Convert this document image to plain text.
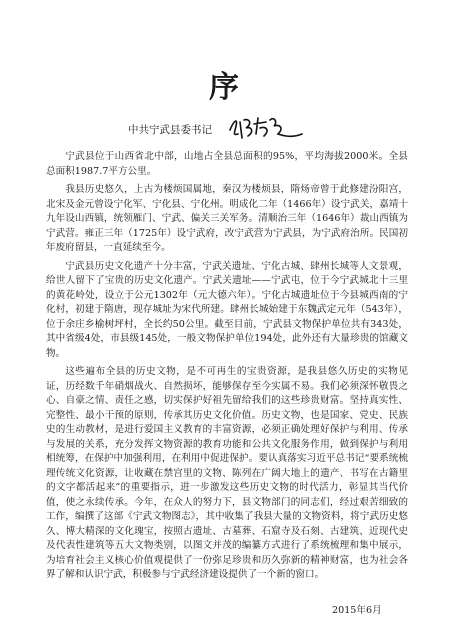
序
中共宁武县委书记

宁武县位于山西省北中部，山地占全县总面积的95%，平均海拔2000米。全县总面积1987.7平方公里。

我县历史悠久，上古为楼烦国属地，秦汉为楼烦县，隋炀帝曾于此修建汾阳宫，北宋及金元曾设宁化军、宁化县、宁化州。明成化二年（1466年）设宁武关，嘉靖十九年设山西镇，统领雁门、宁武、偏关三关军务。清顺治三年（1646年）裁山西镇为宁武营。雍正三年（1725年）设宁武府，改宁武营为宁武县，为宁武府治所。民国初年废府留县，一直延续至今。

宁武县历史文化遗产十分丰富，宁武关遗址、宁化古城、肆州长城等人文景观，给世人留下了宝贵的历史文化遗产。宁武关遗址——宁武屯，位于今宁武城北十三里的黄花岭处，设立于公元1302年（元大德六年）。宁化古城遗址位于今县城西南的宁化村，初建于隋唐，现存城址为宋代所建。肆州长城始建于东魏武定元年（543年），位于余庄乡榆树坪村，全长约50公里。截至目前，宁武县文物保护单位共有343处，其中省级4处，市县级145处，一般文物保护单位194处，此外还有大量珍贵的馆藏文物。

这些遍布全县的历史文物，是不可再生的宝贵资源，是我县悠久历史的实物见证，历经数千年硝烟战火、自然损坏，能够保存至今实属不易。我们必须深怀敬畏之心、自豪之情、责任之感，切实保护好祖先留给我们的这些珍贵财富。坚持真实性、完整性、最小干预的原则，传承其历史文化价值。历史文物，也是国家、党史、民族史的生动教材，是进行爱国主义教育的丰富资源，必须正确处理好保护与利用、传承与发展的关系，充分发挥文物资源的教育功能和公共文化服务作用，做到保护与利用相统筹，在保护中加强利用，在利用中促进保护。要认真落实习近平总书记“要系统梳理传统文化资源，让收藏在禁宫里的文物、陈列在广阔大地上的遗产、书写在古籍里的文字都活起来”的重要指示，进一步激发这些历史文物的时代活力，彰显其当代价值，使之永续传承。今年，在众人的努力下，县文物部门的同志们，经过艰苦细致的工作，编撰了这部《宁武文物图志》，其中收集了我县大量的文物资料，将宁武历史悠久、博大精深的文化瑰宝，按照古遗址、古墓葬、石窟寺及石刻、古建筑、近现代史及代表性建筑等五大文物类别，以图文并茂的编纂方式进行了系统梳理和集中展示，为培育社会主义核心价值观提供了一份弥足珍贵和历久弥新的精神财富，也为社会各界了解和认识宁武，积极参与宁武经济建设提供了一个新的窗口。

2015年6月
